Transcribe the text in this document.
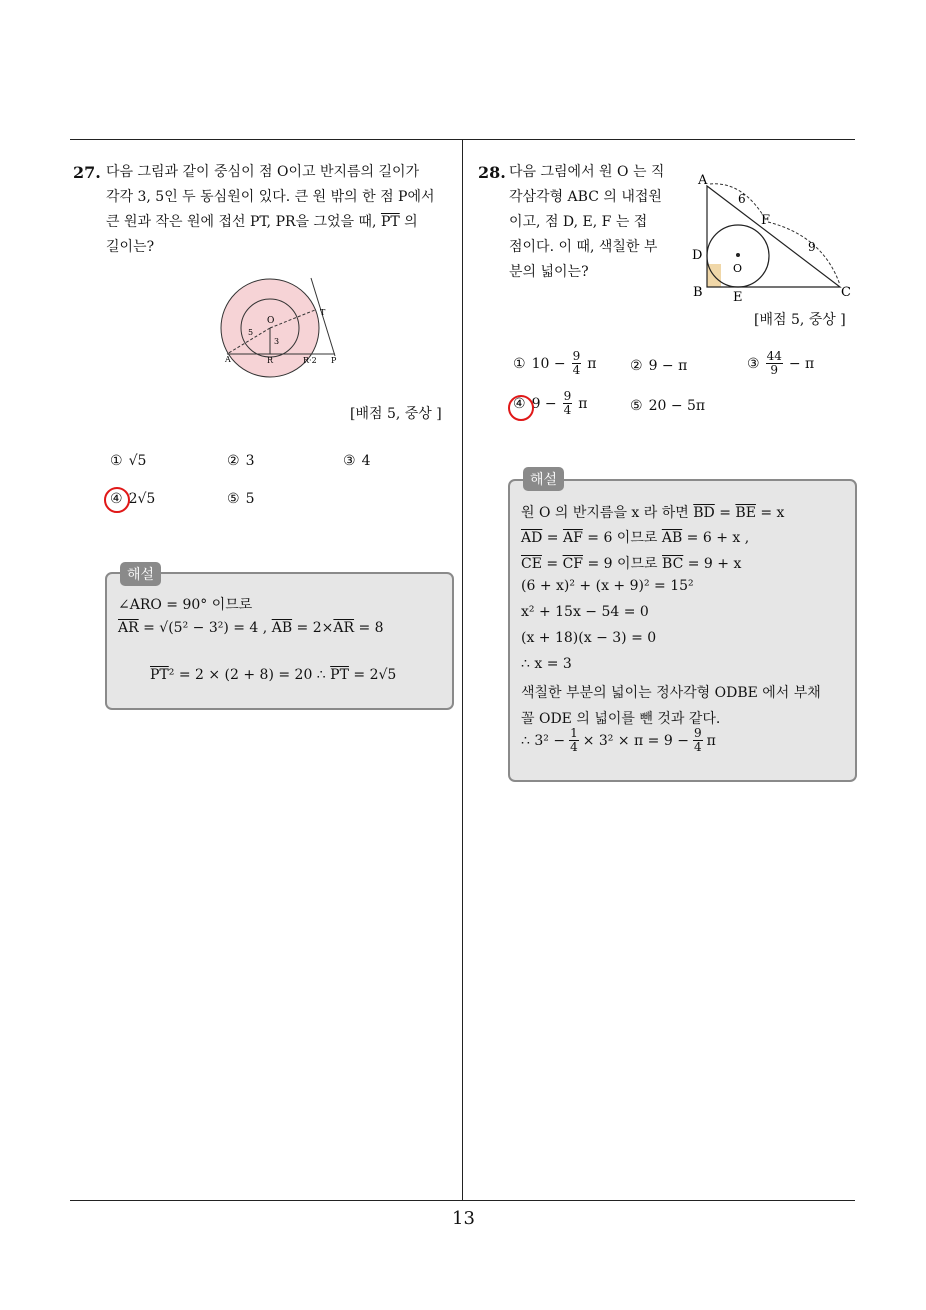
27. 다음 그림과 같이 중심이 점 O이고 반지름의 길이가
각각 3, 5인 두 동심원이 있다. 큰 원 밖의 한 점 P에서
큰 원과 작은 원에 접선 PT, PR을 그었을 때, $\overline{PT}$ 의
길이는?
O
T
A	R	P
5
3
R·2
[배점 5, 중상 ]
① √5	② 3	③ 4
④ 2√5	⑤ 5
해설
∠ARO = 90° 이므로
$\overline{AR} = √(5^2 - 3^2) = 4$ , $\overline{AB} = 2\times\overline{AR} = 8$
$\overline{PT}^2 = 2 \times (2 + 8) = 20$ ∴ $\overline{PT} = 2√5$
28. 다음 그림에서 원 O 는 직
각삼각형 ABC 의 내접원
이고, 점 D, E, F 는 접
점이다. 이 때, 색칠한 부
분의 넓이는?
A
B	C
D
E
F
O
6
9
[배점 5, 중상 ]
① $10 - \frac{9}{4}$ π ② 9 − π	③ $\frac{44}{9} - \pi$
④ $9 - \frac{9}{4}$ π	⑤ 20 − 5π
해설
원 O 의 반지름을 x 라 하면 $\overline{BD} = \overline{BE} = x$
$\overline{AD} = \overline{AF} = 6$ 이므로 $\overline{AB} = 6 + x$ ,
$\overline{CE} = \overline{CF} = 9$ 이므로 $\overline{BC} = 9 + x$
(6 + x)² + (x + 9)² = 15²
x² + 15x − 54 = 0
(x + 18)(x − 3) = 0
∴ x = 3
색칠한 부분의 넓이는 정사각형 ODBE 에서 부채
꼴 ODE 의 넓이를 뺀 것과 같다.
∴ $3^2 - \frac{1}{4} \times 3^2 \times \pi = 9 - \frac{9}{4}$ π
13
